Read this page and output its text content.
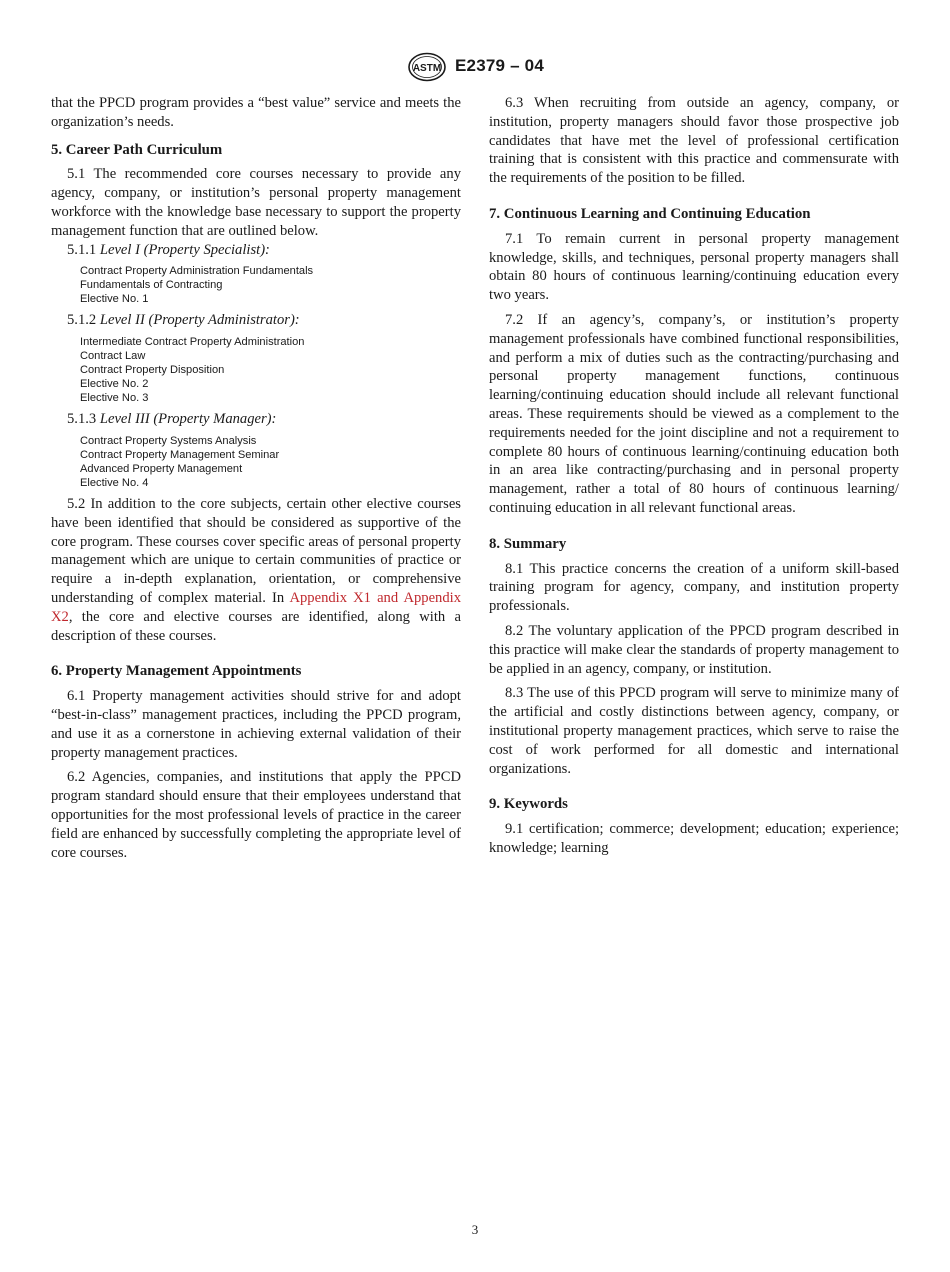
ASTM E2379 – 04

that the PPCD program provides a “best value” service and meets the organization’s needs.

5. Career Path Curriculum

5.1 The recommended core courses necessary to provide any agency, company, or institution’s personal property management workforce with the knowledge base necessary to support the property management function that are outlined below.

5.1.1 Level I (Property Specialist):

Contract Property Administration Fundamentals
Fundamentals of Contracting
Elective No. 1

5.1.2 Level II (Property Administrator):

Intermediate Contract Property Administration
Contract Law
Contract Property Disposition
Elective No. 2
Elective No. 3

5.1.3 Level III (Property Manager):

Contract Property Systems Analysis
Contract Property Management Seminar
Advanced Property Management
Elective No. 4

5.2 In addition to the core subjects, certain other elective courses have been identified that should be considered as supportive of the core program. These courses cover specific areas of personal property management which are unique to certain communities of practice or require a in-depth explanation, orientation, or comprehensive understanding of complex material. In Appendix X1 and Appendix X2, the core and elective courses are identified, along with a description of these courses.

6. Property Management Appointments

6.1 Property management activities should strive for and adopt “best-in-class” management practices, including the PPCD program, and use it as a cornerstone in achieving external validation of their property management practices.

6.2 Agencies, companies, and institutions that apply the PPCD program standard should ensure that their employees understand that opportunities for the most professional levels of practice in the career field are enhanced by successfully completing the appropriate level of core courses.

6.3 When recruiting from outside an agency, company, or institution, property managers should favor those prospective job candidates that have met the level of professional certification training that is consistent with this practice and commensurate with the requirements of the position to be filled.

7. Continuous Learning and Continuing Education

7.1 To remain current in personal property management knowledge, skills, and techniques, personal property managers shall obtain 80 hours of continuous learning/continuing education every two years.

7.2 If an agency’s, company’s, or institution’s property management professionals have combined functional responsibilities, and perform a mix of duties such as the contracting/purchasing and personal property management functions, continuous learning/continuing education should include all relevant functional areas. These requirements should be viewed as a complement to the requirements needed for the joint discipline and not a requirement to complete 80 hours of continuous learning/continuing education both in an area like contracting/purchasing and in personal property management, rather a total of 80 hours of continuous learning/ continuing education in all relevant functional areas.

8. Summary

8.1 This practice concerns the creation of a uniform skill-based training program for agency, company, and institution property professionals.

8.2 The voluntary application of the PPCD program described in this practice will make clear the standards of property management to be applied in an agency, company, or institution.

8.3 The use of this PPCD program will serve to minimize many of the artificial and costly distinctions between agency, company, or institutional property management practices, which serve to raise the cost of work performed for all domestic and international organizations.

9. Keywords

9.1 certification; commerce; development; education; experience; knowledge; learning

3
